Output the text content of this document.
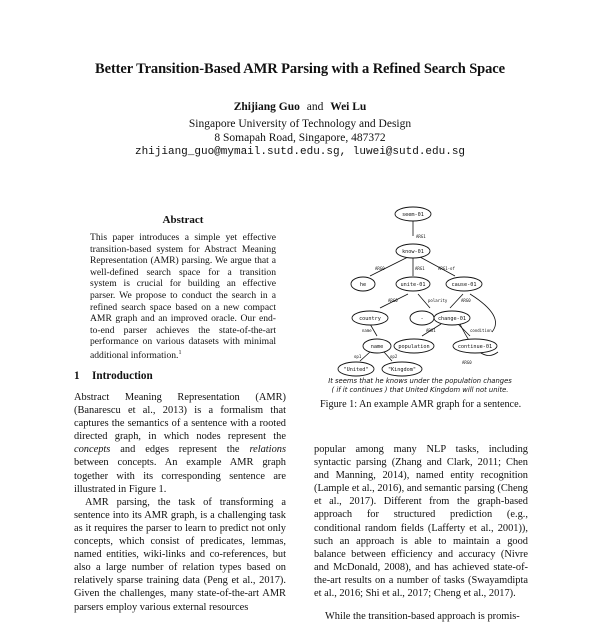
Better Transition-Based AMR Parsing with a Refined Search Space
Zhijiang Guo and Wei Lu
Singapore University of Technology and Design
8 Somapah Road, Singapore, 487372
zhijiang_guo@mymail.sutd.edu.sg, luwei@sutd.edu.sg
Abstract
This paper introduces a simple yet effective transition-based system for Abstract Meaning Representation (AMR) parsing. We argue that a well-defined search space for a transition system is crucial for building an effective parser. We propose to conduct the search in a refined search space based on a new compact AMR graph and an improved oracle. Our end-to-end parser achieves the state-of-the-art performance on various datasets with minimal additional information.$^1$
1 Introduction

Abstract Meaning Representation (AMR) (Banarescu et al., 2013) is a formalism that captures the semantics of a sentence with a rooted directed graph, in which nodes represent the concepts and edges represent the relations between concepts. An example AMR graph together with its corresponding sentence are illustrated in Figure 1.

AMR parsing, the task of transforming a sentence into its AMR graph, is a challenging task as it requires the parser to learn to predict not only concepts, which consist of predicates, lemmas, named entities, wiki-links and co-references, but also a large number of relation types based on relatively sparse training data (Peng et al., 2017). Given the challenges, many state-of-the-art AMR parsers employ various external resources

popular among many NLP tasks, including syntactic parsing (Zhang and Clark, 2011; Chen and Manning, 2014), named entity recognition (Lample et al., 2016), and semantic parsing (Cheng et al., 2017). Different from the graph-based approach for structured prediction (e.g., conditional random fields (Lafferty et al., 2001)), such an approach is able to maintain a good balance between efficiency and accuracy (Nivre and McDonald, 2008), and has achieved state-of-the-art results on a number of tasks (Swayamdipta et al., 2016; Shi et al., 2017; Cheng et al., 2017).

While the transition-based approach is promis-

seem-01
know-01
he	unite-01	cause-01
country	-	change-01
name	population	continue-01
"United"	"Kingdom"
ARG1
ARG0	ARG1	ARG1-of
ARG0	polarity	ARG0
name	ARG1	condition
op1	op2
ARG0
It seems that he knows under the population changes
( if it continues ) that United Kingdom will not unite.
Figure 1: An example AMR graph for a sentence.
